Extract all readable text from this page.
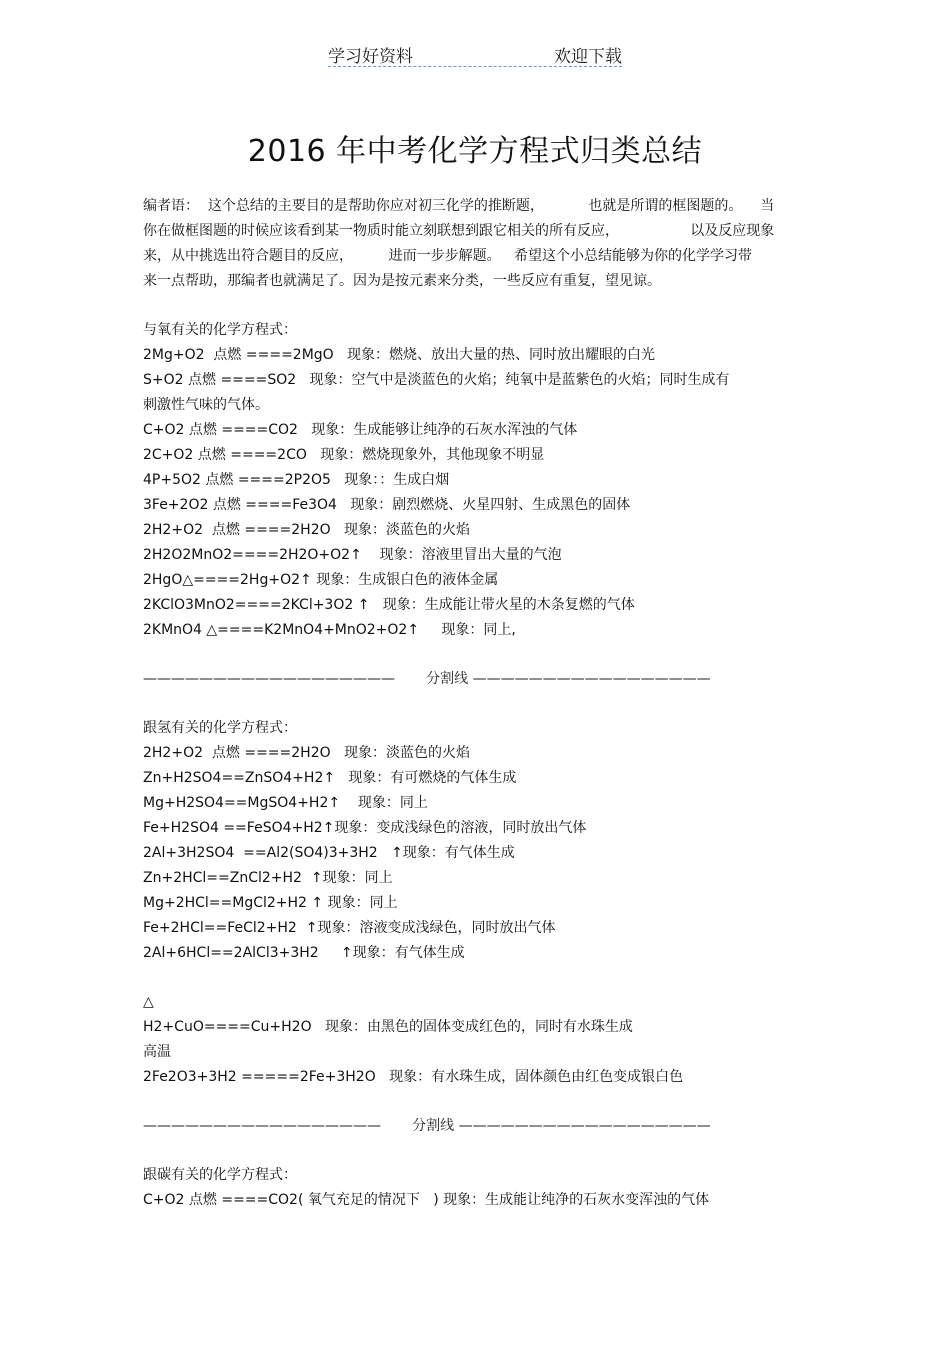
学习好资料	欢迎下载
2016 年中考化学方程式归类总结
编者语：  这个总结的主要目的是帮助你应对初三化学的推断题，          也就是所谓的框图题的。    当
你在做框图题的时候应该看到某一物质时能立刻联想到跟它相关的所有反应，                以及反应现象
来，从中挑选出符合题目的反应，        进而一步步解题。   希望这个小总结能够为你的化学学习带
来一点帮助，那编者也就满足了。因为是按元素来分类，一些反应有重复，望见谅。
与氧有关的化学方程式：
2Mg+O2  点燃 ====2MgO   现象：燃烧、放出大量的热、同时放出耀眼的白光
S+O2 点燃 ====SO2   现象：空气中是淡蓝色的火焰；纯氧中是蓝紫色的火焰；同时生成有
刺激性气味的气体。
C+O2 点燃 ====CO2   现象：生成能够让纯净的石灰水浑浊的气体
2C+O2 点燃 ====2CO   现象：燃烧现象外，其他现象不明显
4P+5O2 点燃 ====2P2O5   现象：：生成白烟
3Fe+2O2 点燃 ====Fe3O4   现象：剧烈燃烧、火星四射、生成黑色的固体
2H2+O2  点燃 ====2H2O   现象：淡蓝色的火焰
2H2O2MnO2====2H2O+O2↑    现象：溶液里冒出大量的气泡
2HgO△====2Hg+O2↑ 现象：生成银白色的液体金属
2KClO3MnO2====2KCl+3O2 ↑   现象：生成能让带火星的木条复燃的气体
2KMnO4 △====K2MnO4+MnO2+O2↑     现象：同上,
——————————————————       分割线 —————————————————
跟氢有关的化学方程式：
2H2+O2  点燃 ====2H2O   现象：淡蓝色的火焰
Zn+H2SO4==ZnSO4+H2↑   现象：有可燃烧的气体生成
Mg+H2SO4==MgSO4+H2↑    现象：同上
Fe+H2SO4 ==FeSO4+H2↑现象：变成浅绿色的溶液，同时放出气体
2Al+3H2SO4  ==Al2(SO4)3+3H2   ↑现象：有气体生成
Zn+2HCl==ZnCl2+H2  ↑现象：同上
Mg+2HCl==MgCl2+H2 ↑ 现象：同上
Fe+2HCl==FeCl2+H2  ↑现象：溶液变成浅绿色，同时放出气体
2Al+6HCl==2AlCl3+3H2     ↑现象：有气体生成
△
H2+CuO====Cu+H2O   现象：由黑色的固体变成红色的，同时有水珠生成
高温
2Fe2O3+3H2 =====2Fe+3H2O   现象：有水珠生成，固体颜色由红色变成银白色
—————————————————       分割线 ——————————————————
跟碳有关的化学方程式：
C+O2 点燃 ====CO2( 氧气充足的情况下   ) 现象：生成能让纯净的石灰水变浑浊的气体
